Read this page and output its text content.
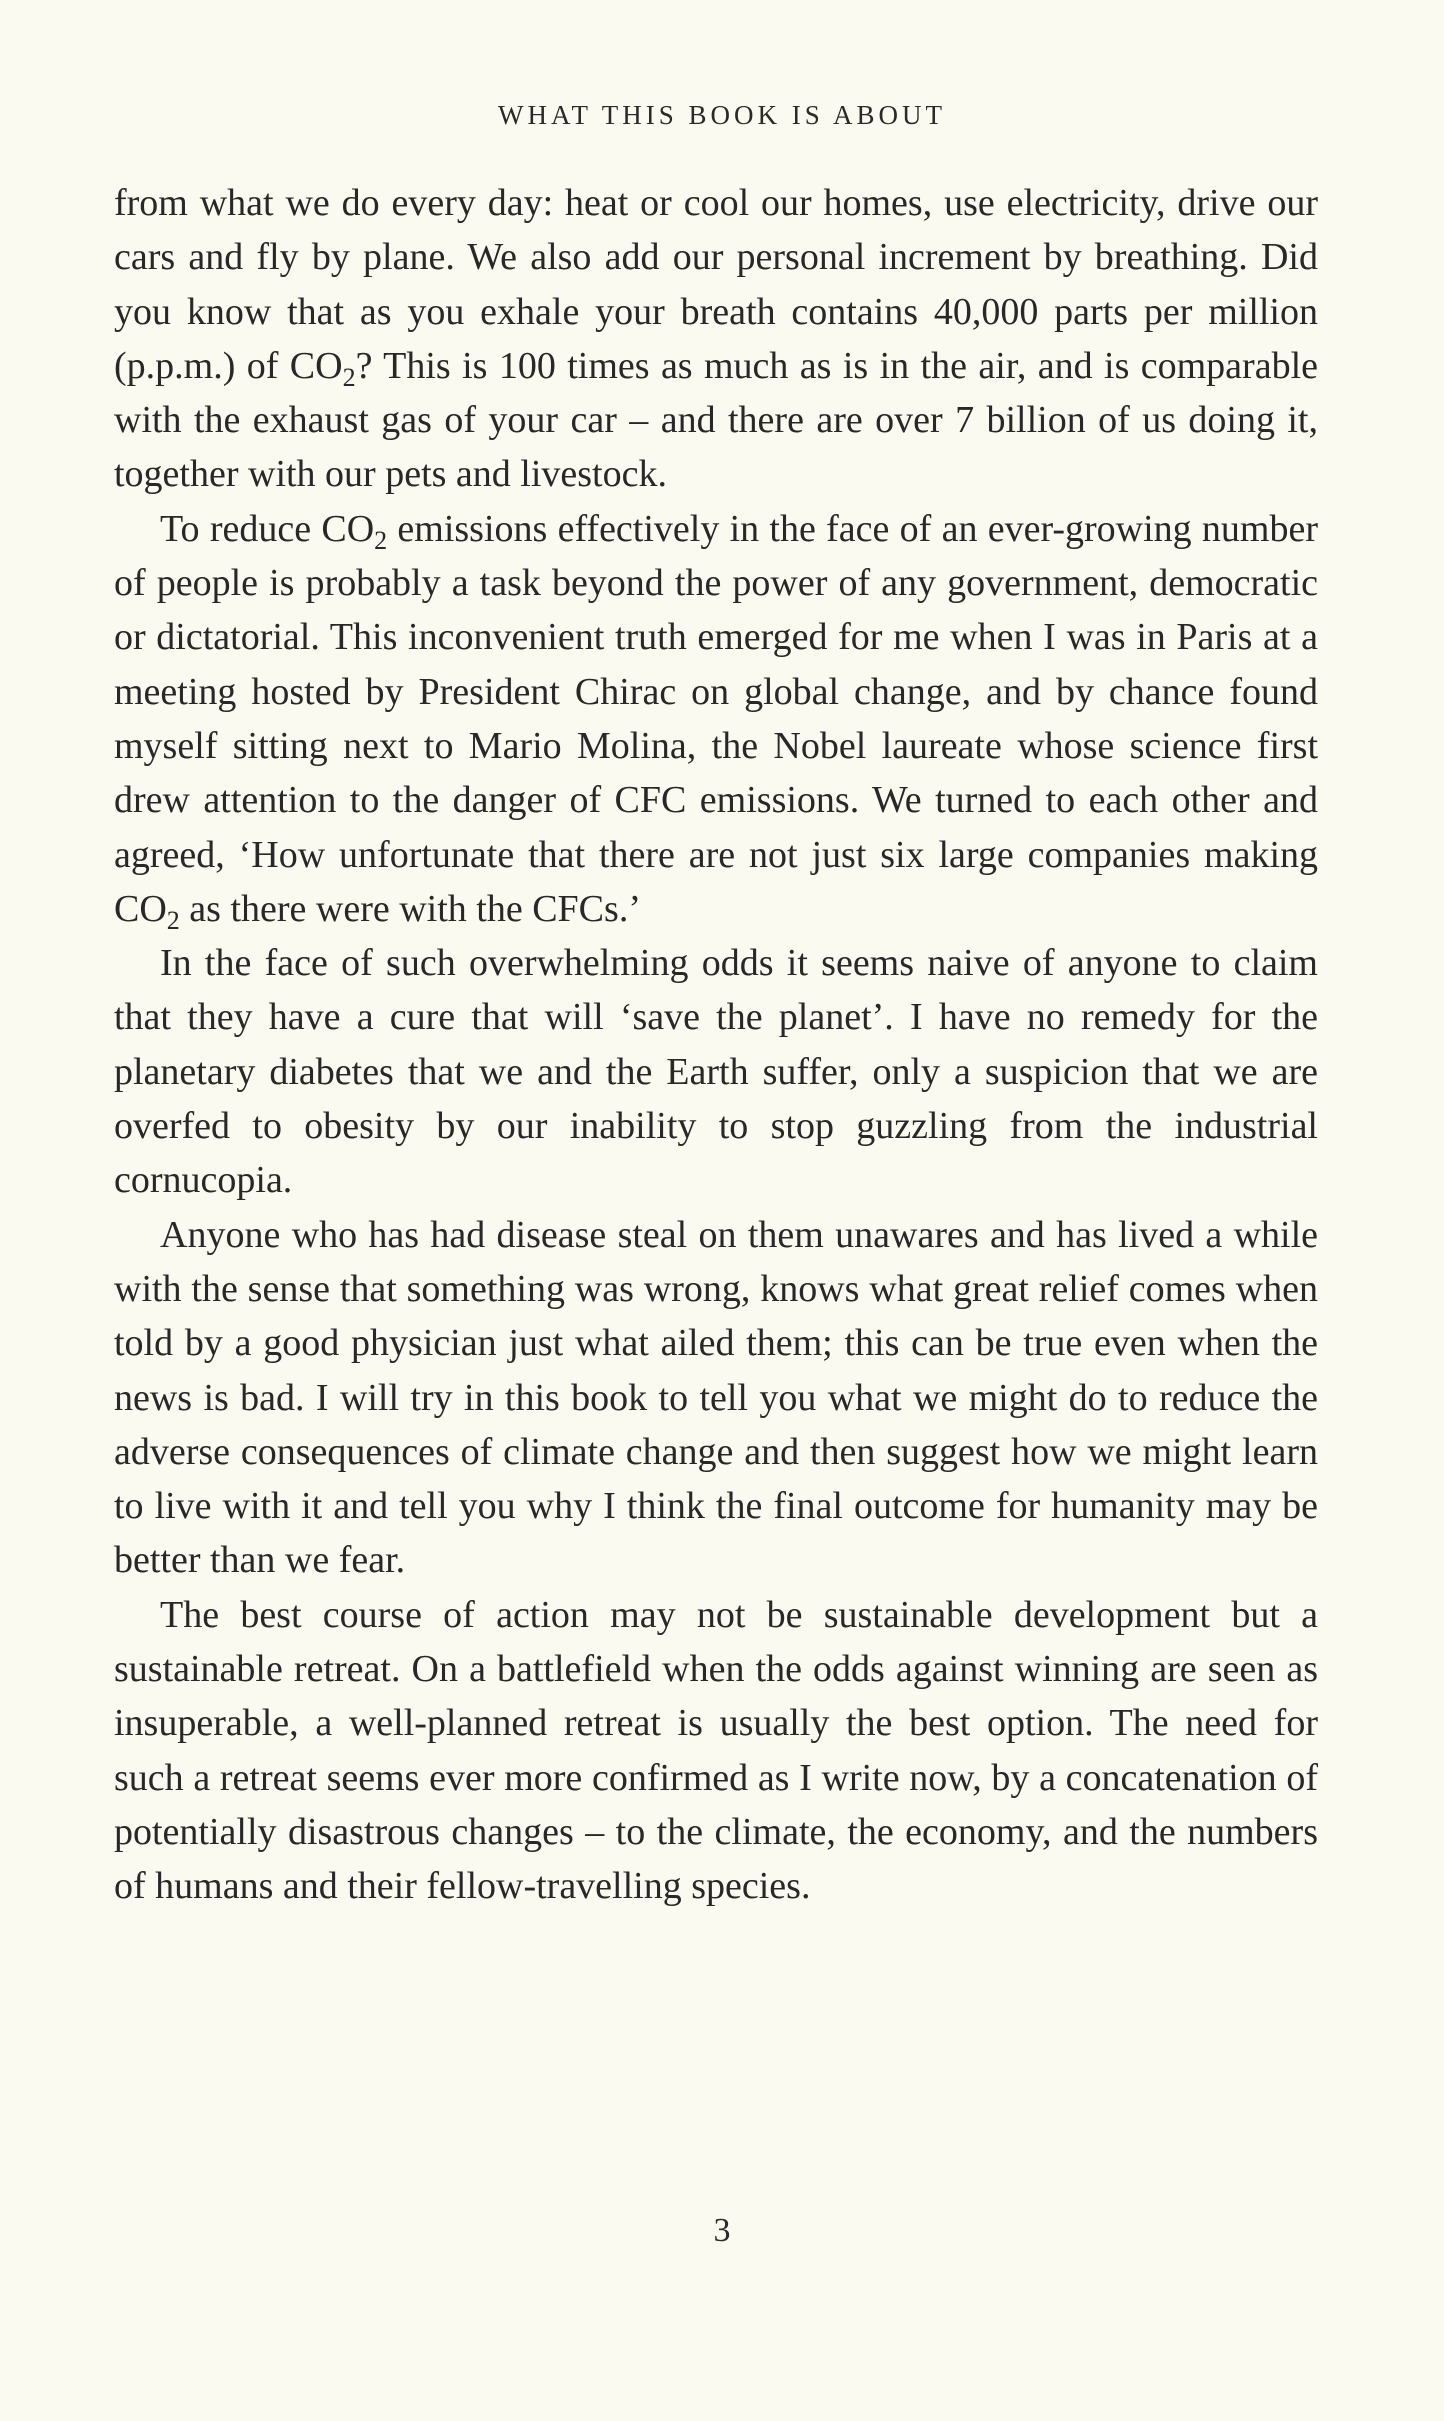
WHAT THIS BOOK IS ABOUT

from what we do every day: heat or cool our homes, use electricity, drive our cars and fly by plane. We also add our personal increment by breathing. Did you know that as you exhale your breath contains 40,000 parts per million (p.p.m.) of $CO_2$? This is 100 times as much as is in the air, and is comparable with the exhaust gas of your car – and there are over 7 billion of us doing it, together with our pets and livestock.

To reduce $CO_2$ emissions effectively in the face of an ever-growing number of people is probably a task beyond the power of any government, democratic or dictatorial. This inconvenient truth emerged for me when I was in Paris at a meeting hosted by President Chirac on global change, and by chance found myself sitting next to Mario Molina, the Nobel laureate whose science first drew attention to the danger of CFC emissions. We turned to each other and agreed, ‘How unfortunate that there are not just six large companies making $CO_2$ as there were with the CFCs.’

In the face of such overwhelming odds it seems naive of anyone to claim that they have a cure that will ‘save the planet’. I have no remedy for the planetary diabetes that we and the Earth suffer, only a suspicion that we are overfed to obesity by our inability to stop guzzling from the industrial cornucopia.

Anyone who has had disease steal on them unawares and has lived a while with the sense that something was wrong, knows what great relief comes when told by a good physician just what ailed them; this can be true even when the news is bad. I will try in this book to tell you what we might do to reduce the adverse consequences of climate change and then suggest how we might learn to live with it and tell you why I think the final outcome for humanity may be better than we fear.

The best course of action may not be sustainable development but a sustainable retreat. On a battlefield when the odds against winning are seen as insuperable, a well-planned retreat is usually the best option. The need for such a retreat seems ever more confirmed as I write now, by a concatenation of potentially disastrous changes – to the climate, the economy, and the numbers of humans and their fellow-travelling species.

3
